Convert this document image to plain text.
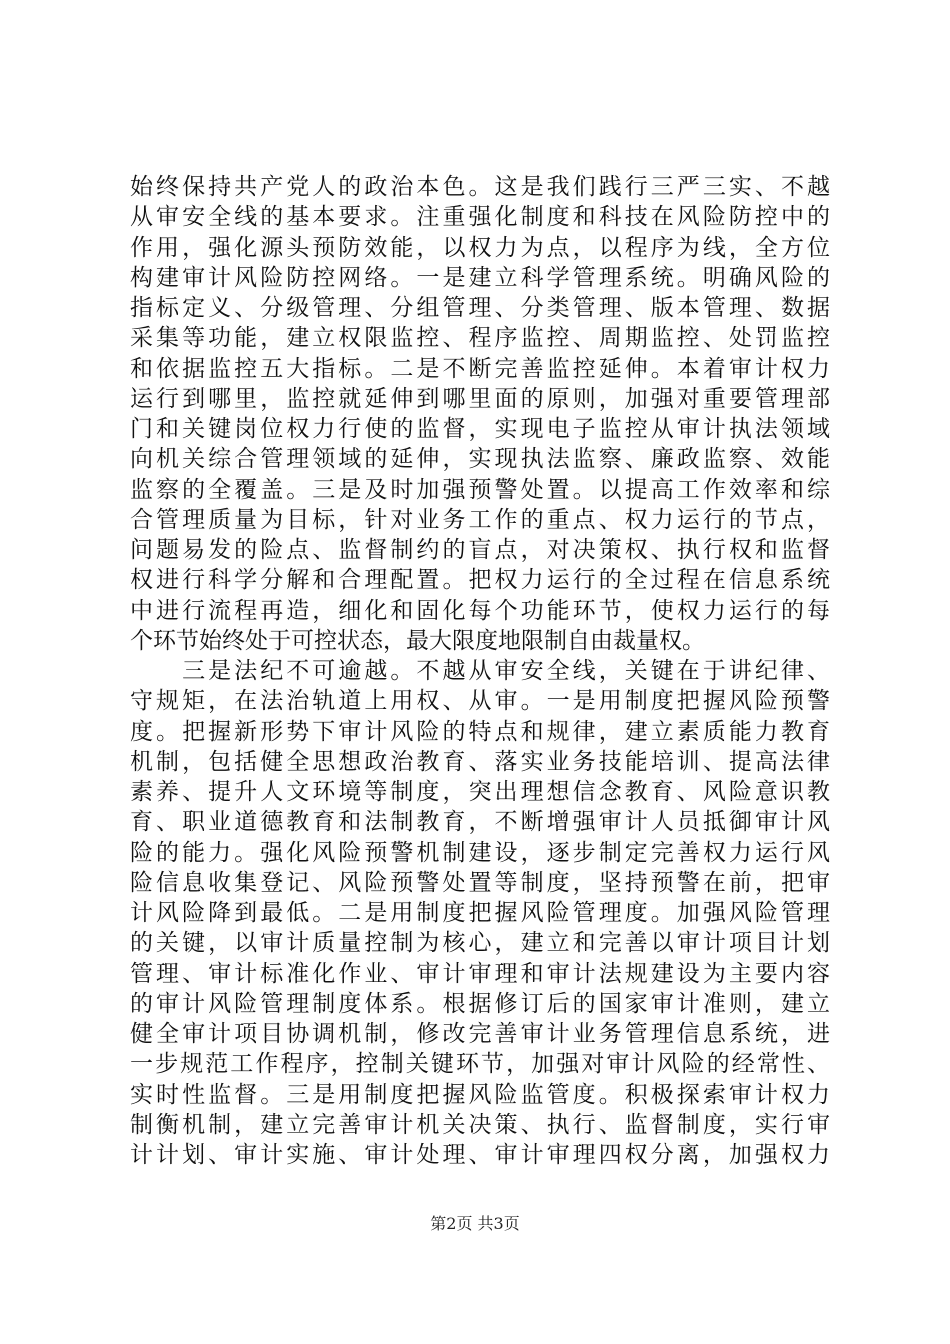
始终保持共产党人的政治本色。这是我们践行三严三实、不越
从审安全线的基本要求。注重强化制度和科技在风险防控中的
作用，强化源头预防效能，以权力为点，以程序为线，全方位
构建审计风险防控网络。一是建立科学管理系统。明确风险的
指标定义、分级管理、分组管理、分类管理、版本管理、数据
采集等功能，建立权限监控、程序监控、周期监控、处罚监控
和依据监控五大指标。二是不断完善监控延伸。本着审计权力
运行到哪里，监控就延伸到哪里面的原则，加强对重要管理部
门和关键岗位权力行使的监督，实现电子监控从审计执法领域
向机关综合管理领域的延伸，实现执法监察、廉政监察、效能
监察的全覆盖。三是及时加强预警处置。以提高工作效率和综
合管理质量为目标，针对业务工作的重点、权力运行的节点，
问题易发的险点、监督制约的盲点，对决策权、执行权和监督
权进行科学分解和合理配置。把权力运行的全过程在信息系统
中进行流程再造，细化和固化每个功能环节，使权力运行的每
个环节始终处于可控状态，最大限度地限制自由裁量权。
　　三是法纪不可逾越。不越从审安全线，关键在于讲纪律、
守规矩，在法治轨道上用权、从审。一是用制度把握风险预警
度。把握新形势下审计风险的特点和规律，建立素质能力教育
机制，包括健全思想政治教育、落实业务技能培训、提高法律
素养、提升人文环境等制度，突出理想信念教育、风险意识教
育、职业道德教育和法制教育，不断增强审计人员抵御审计风
险的能力。强化风险预警机制建设，逐步制定完善权力运行风
险信息收集登记、风险预警处置等制度，坚持预警在前，把审
计风险降到最低。二是用制度把握风险管理度。加强风险管理
的关键，以审计质量控制为核心，建立和完善以审计项目计划
管理、审计标准化作业、审计审理和审计法规建设为主要内容
的审计风险管理制度体系。根据修订后的国家审计准则，建立
健全审计项目协调机制，修改完善审计业务管理信息系统，进
一步规范工作程序，控制关键环节，加强对审计风险的经常性、
实时性监督。三是用制度把握风险监管度。积极探索审计权力
制衡机制，建立完善审计机关决策、执行、监督制度，实行审
计计划、审计实施、审计处理、审计审理四权分离，加强权力
第2页 共3页
